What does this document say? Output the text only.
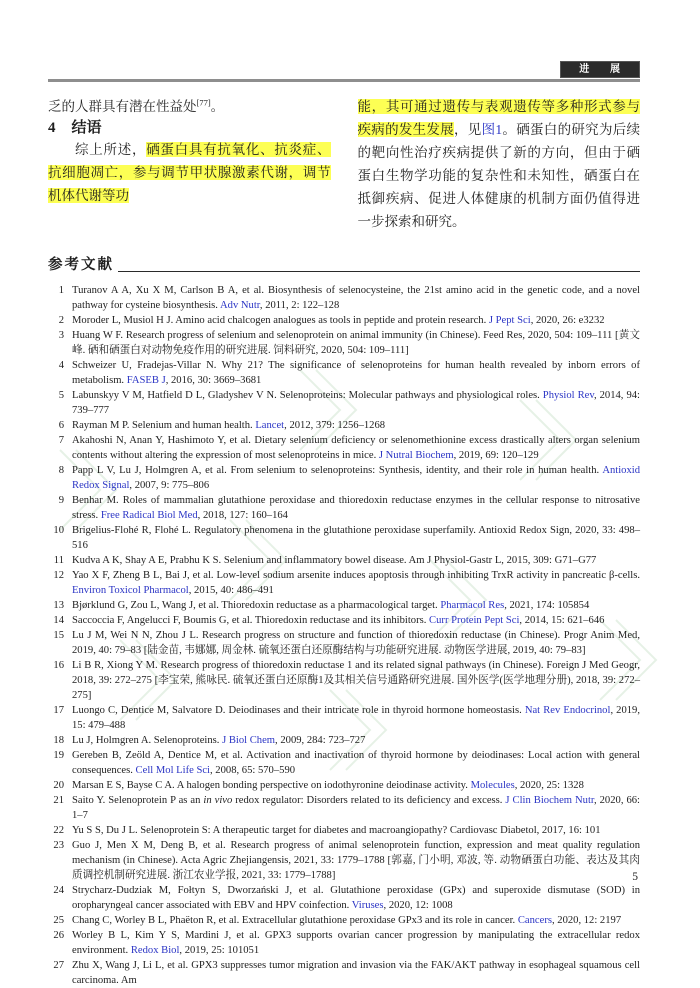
进 展

乏的人群具有潜在性益处[77]。

4 结语

综上所述，硒蛋白具有抗氧化、抗炎症、抗细胞凋亡，参与调节甲状腺激素代谢，调节机体代谢等功

能，其可通过遗传与表观遗传等多种形式参与疾病的发生发展，见图1。硒蛋白的研究为后续的靶向性治疗疾病提供了新的方向，但由于硒蛋白生物学功能的复杂性和未知性，硒蛋白在抵御疾病、促进人体健康的机制方面仍值得进一步探索和研究。

参考文献
1 Turanov A A, Xu X M, Carlson B A, et al. Biosynthesis of selenocysteine, the 21st amino acid in the genetic code, and a novel pathway for cysteine biosynthesis. Adv Nutr, 2011, 2: 122–128
2 Moroder L, Musiol H J. Amino acid chalcogen analogues as tools in peptide and protein research. J Pept Sci, 2020, 26: e3232
3 Huang W F. Research progress of selenium and selenoprotein on animal immunity (in Chinese). Feed Res, 2020, 504: 109–111 [黄文峰. 硒和硒蛋白对动物免疫作用的研究进展. 饲料研究, 2020, 504: 109–111]
4 Schweizer U, Fradejas-Villar N. Why 21? The significance of selenoproteins for human health revealed by inborn errors of metabolism. FASEB J, 2016, 30: 3669–3681
5 Labunskyy V M, Hatfield D L, Gladyshev V N. Selenoproteins: Molecular pathways and physiological roles. Physiol Rev, 2014, 94: 739–777
6 Rayman M P. Selenium and human health. Lancet, 2012, 379: 1256–1268
7 Akahoshi N, Anan Y, Hashimoto Y, et al. Dietary selenium deficiency or selenomethionine excess drastically alters organ selenium contents without altering the expression of most selenoproteins in mice. J Nutral Biochem, 2019, 69: 120–129
8 Papp L V, Lu J, Holmgren A, et al. From selenium to selenoproteins: Synthesis, identity, and their role in human health. Antioxid Redox Signal, 2007, 9: 775–806
9 Benhar M. Roles of mammalian glutathione peroxidase and thioredoxin reductase enzymes in the cellular response to nitrosative stress. Free Radical Biol Med, 2018, 127: 160–164
10 Brigelius-Flohé R, Flohé L. Regulatory phenomena in the glutathione peroxidase superfamily. Antioxid Redox Sign, 2020, 33: 498–516
11 Kudva A K, Shay A E, Prabhu K S. Selenium and inflammatory bowel disease. Am J Physiol-Gastr L, 2015, 309: G71–G77
12 Yao X F, Zheng B L, Bai J, et al. Low-level sodium arsenite induces apoptosis through inhibiting TrxR activity in pancreatic β-cells. Environ Toxicol Pharmacol, 2015, 40: 486–491
13 Bjørklund G, Zou L, Wang J, et al. Thioredoxin reductase as a pharmacological target. Pharmacol Res, 2021, 174: 105854
14 Saccoccia F, Angelucci F, Boumis G, et al. Thioredoxin reductase and its inhibitors. Curr Protein Pept Sci, 2014, 15: 621–646
15 Lu J M, Wei N N, Zhou J L. Research progress on structure and function of thioredoxin reductase (in Chinese). Progr Anim Med, 2019, 40: 79–83 [陆金苗, 韦娜娜, 周金林. 硫氧还蛋白还原酶结构与功能研究进展. 动物医学进展, 2019, 40: 79–83]
16 Li B R, Xiong Y M. Research progress of thioredoxin reductase 1 and its related signal pathways (in Chinese). Foreign J Med Geogr, 2018, 39: 272–275 [李宝荣, 熊咏民. 硫氧还蛋白还原酶1及其相关信号通路研究进展. 国外医学(医学地理分册), 2018, 39: 272–275]
17 Luongo C, Dentice M, Salvatore D. Deiodinases and their intricate role in thyroid hormone homeostasis. Nat Rev Endocrinol, 2019, 15: 479–488
18 Lu J, Holmgren A. Selenoproteins. J Biol Chem, 2009, 284: 723–727
19 Gereben B, Zeöld A, Dentice M, et al. Activation and inactivation of thyroid hormone by deiodinases: Local action with general consequences. Cell Mol Life Sci, 2008, 65: 570–590
20 Marsan E S, Bayse C A. A halogen bonding perspective on iodothyronine deiodinase activity. Molecules, 2020, 25: 1328
21 Saito Y. Selenoprotein P as an in vivo redox regulator: Disorders related to its deficiency and excess. J Clin Biochem Nutr, 2020, 66: 1–7
22 Yu S S, Du J L. Selenoprotein S: A therapeutic target for diabetes and macroangiopathy? Cardiovasc Diabetol, 2017, 16: 101
23 Guo J, Men X M, Deng B, et al. Research progress of animal selenoprotein function, expression and meat quality regulation mechanism (in Chinese). Acta Agric Zhejiangensis, 2021, 33: 1779–1788 [郭嘉, 门小明, 邓波, 等. 动物硒蛋白功能、表达及其肉质调控机制研究进展. 浙江农业学报, 2021, 33: 1779–1788]
24 Strycharz-Dudziak M, Fołtyn S, Dworzański J, et al. Glutathione peroxidase (GPx) and superoxide dismutase (SOD) in oropharyngeal cancer associated with EBV and HPV coinfection. Viruses, 2020, 12: 1008
25 Chang C, Worley B L, Phaëton R, et al. Extracellular glutathione peroxidase GPx3 and its role in cancer. Cancers, 2020, 12: 2197
26 Worley B L, Kim Y S, Mardini J, et al. GPX3 supports ovarian cancer progression by manipulating the extracellular redox environment. Redox Biol, 2019, 25: 101051
27 Zhu X, Wang J, Li L, et al. GPX3 suppresses tumor migration and invasion via the FAK/AKT pathway in esophageal squamous cell carcinoma. Am
5
